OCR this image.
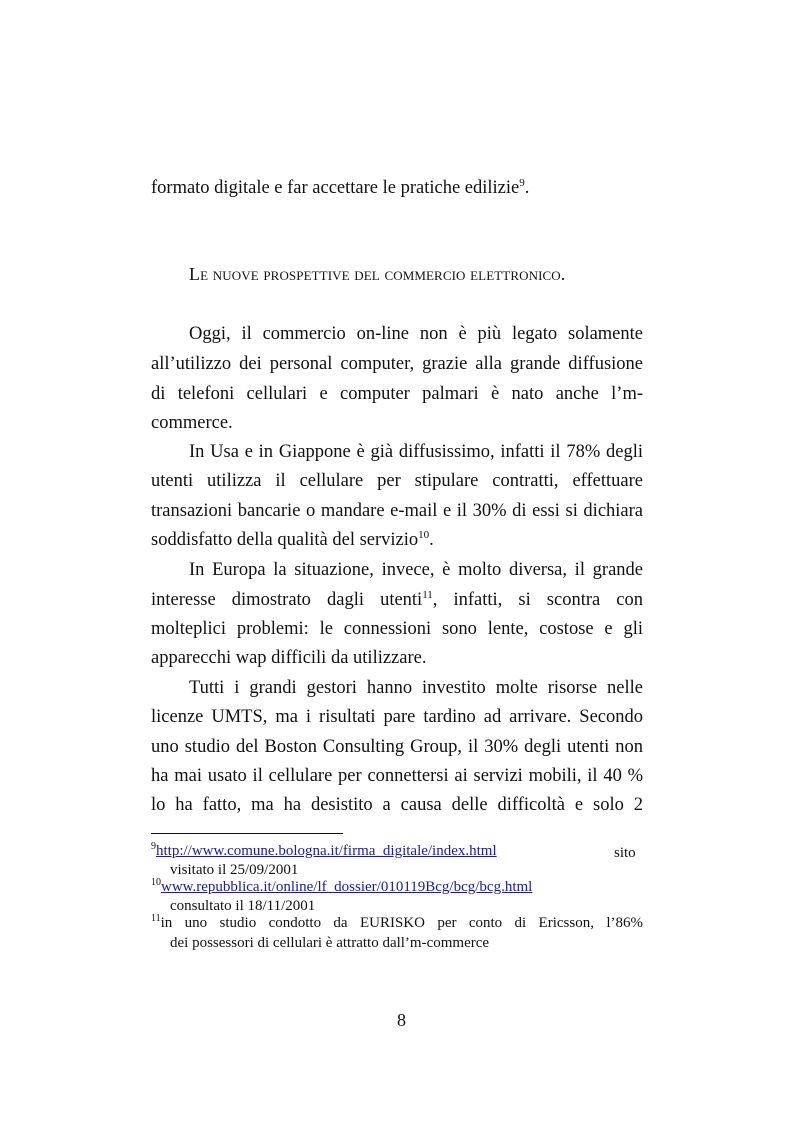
formato digitale e far accettare le pratiche edilizie$^9$.
Le nuove prospettive del commercio elettronico.
Oggi, il commercio on-line non è più legato solamente
all’utilizzo dei personal computer, grazie alla grande diffusione
di telefoni cellulari e computer palmari è nato anche l’m-
commerce.
In Usa e in Giappone è già diffusissimo, infatti il 78% degli
utenti utilizza il cellulare per stipulare contratti, effettuare
transazioni bancarie o mandare e-mail e il 30% di essi si dichiara
soddisfatto della qualità del servizio$^{10}$.
In Europa la situazione, invece, è molto diversa, il grande
interesse dimostrato dagli utenti$^{11}$, infatti, si scontra con
molteplici problemi: le connessioni sono lente, costose e gli
apparecchi wap difficili da utilizzare.
Tutti i grandi gestori hanno investito molte risorse nelle
licenze UMTS, ma i risultati pare tardino ad arrivare. Secondo
uno studio del Boston Consulting Group, il 30% degli utenti non
ha mai usato il cellulare per connettersi ai servizi mobili, il 40 %
lo ha fatto, ma ha desistito a causa delle difficoltà e solo 2
$^9$http://www.comune.bologna.it/firma_digitale/index.html	sito
visitato il 25/09/2001
$^{10}$www.repubblica.it/online/lf_dossier/010119Bcg/bcg/bcg.html
consultato il 18/11/2001
$^{11}$in uno studio condotto da EURISKO per conto di Ericsson, l’86%
dei possessori di cellulari è attratto dall’m-commerce
8
